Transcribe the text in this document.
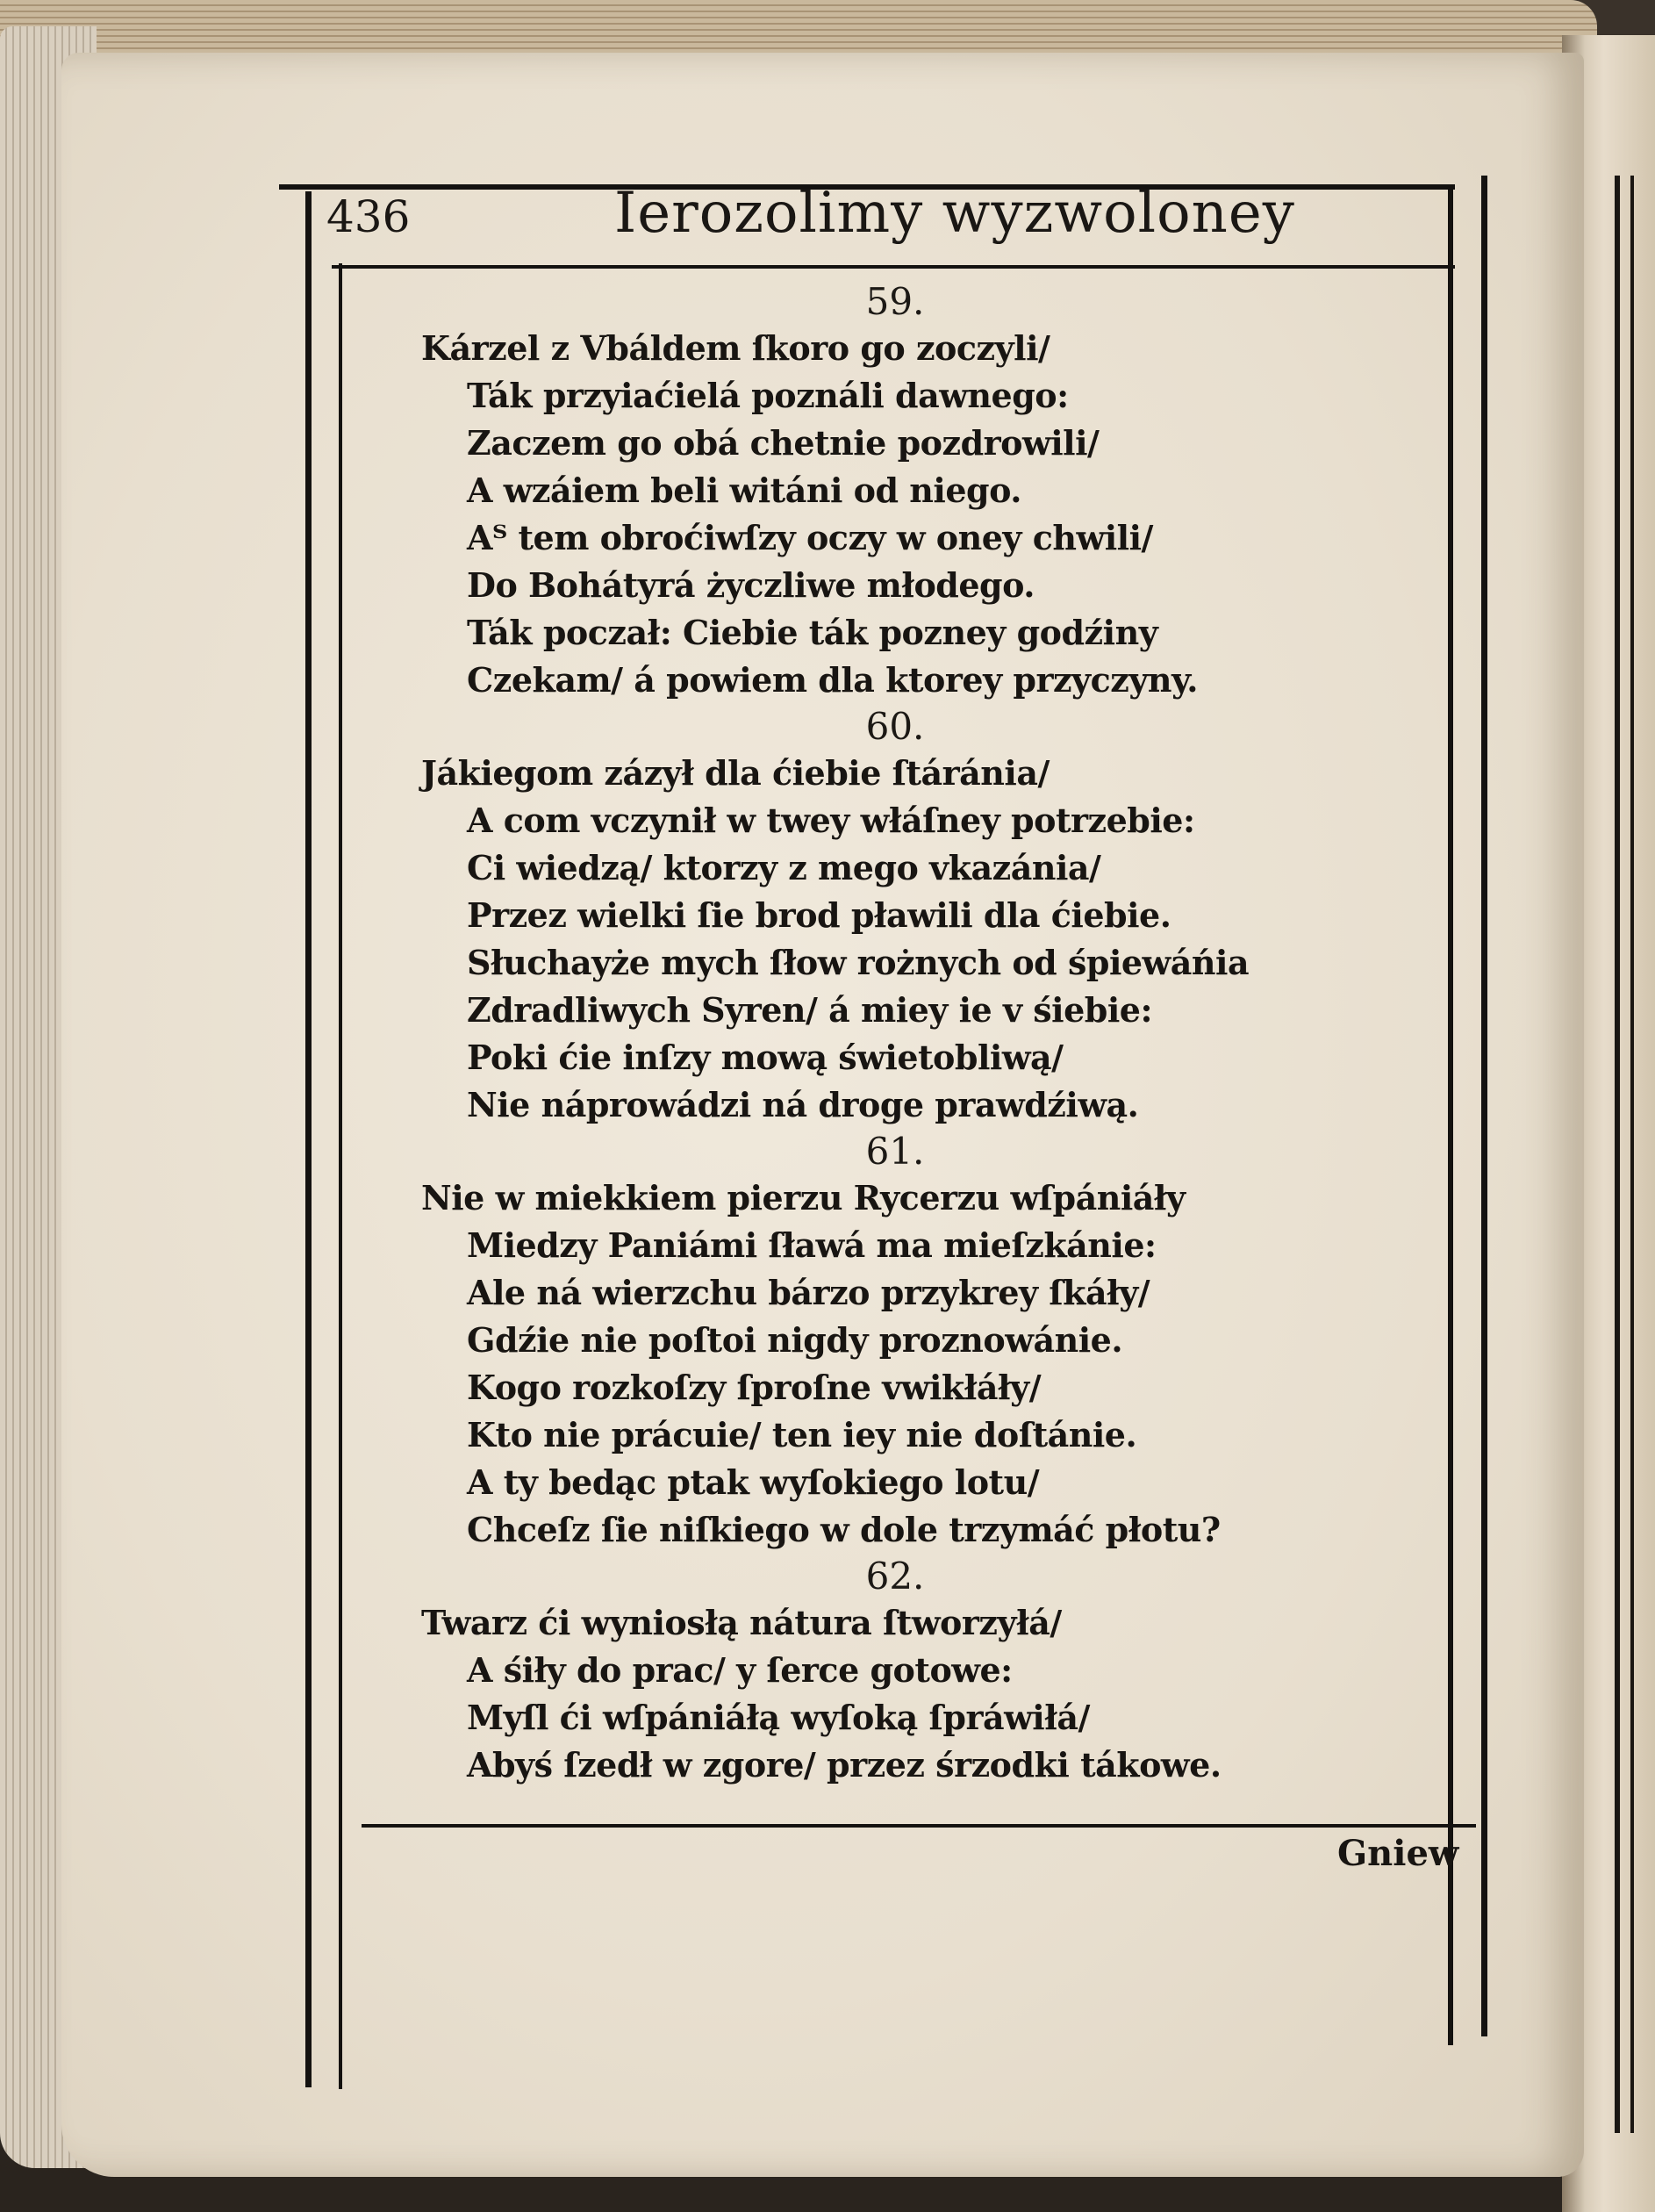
436	Ierozolimy wyzwoloney
59.
Kárzel z Vbáldem ſkoro go zoczyli/
Ták przyiaćielá poználi dawnego:
Zaczem go obá chetnie pozdrowili/
A wzáiem beli witáni od niego.
Aᵀ tem obroćiwſzy oczy w oney chwili/
Do Bohátyrá życzliwe młodego.
Ták poczał: Ciebie ták pozney godźiny
Czekam/ á powiem dla ktorey przyczyny.
60.
Jákiegom zázył dla ćiebie ſtáránia/
A com vczynił w twey włáſney potrzebie:
Ci wiedzą/ ktorzy z mego vkazánia/
Przez wielki ſie brod pławili dla ćiebie.
Słuchayże mych ſłow rożnych od śpiewáńia
Zdradliwych Syren/ á miey ie v śiebie:
Poki ćie inſzy mową świetobliwą/
Nie náprowádzi ná droge prawdźiwą.
61.
Nie w miekkiem pierzu Rycerzu wſpániáły
Miedzy Paniámi ſławá ma mieſzkánie:
Ale ná wierzchu bárzo przykrey ſkáły/
Gdźie nie poſtoi nigdy proznowánie.
Kogo rozkoſzy ſproſne vwikłáły/
Kto nie prácuie/ ten iey nie doſtánie.
A ty bedąc ptak wyſokiego lotu/
Chceſz ſie niſkiego w dole trzymáć płotu?
62.
Twarz ći wyniosłą nátura ſtworzyłá/
A śiły do prac/ y ſerce gotowe:
Myſl ći wſpániáłą wyſoką ſpráwiłá/
Abyś ſzedł w zgore/ przez śrzodki tákowe.
Gniew
